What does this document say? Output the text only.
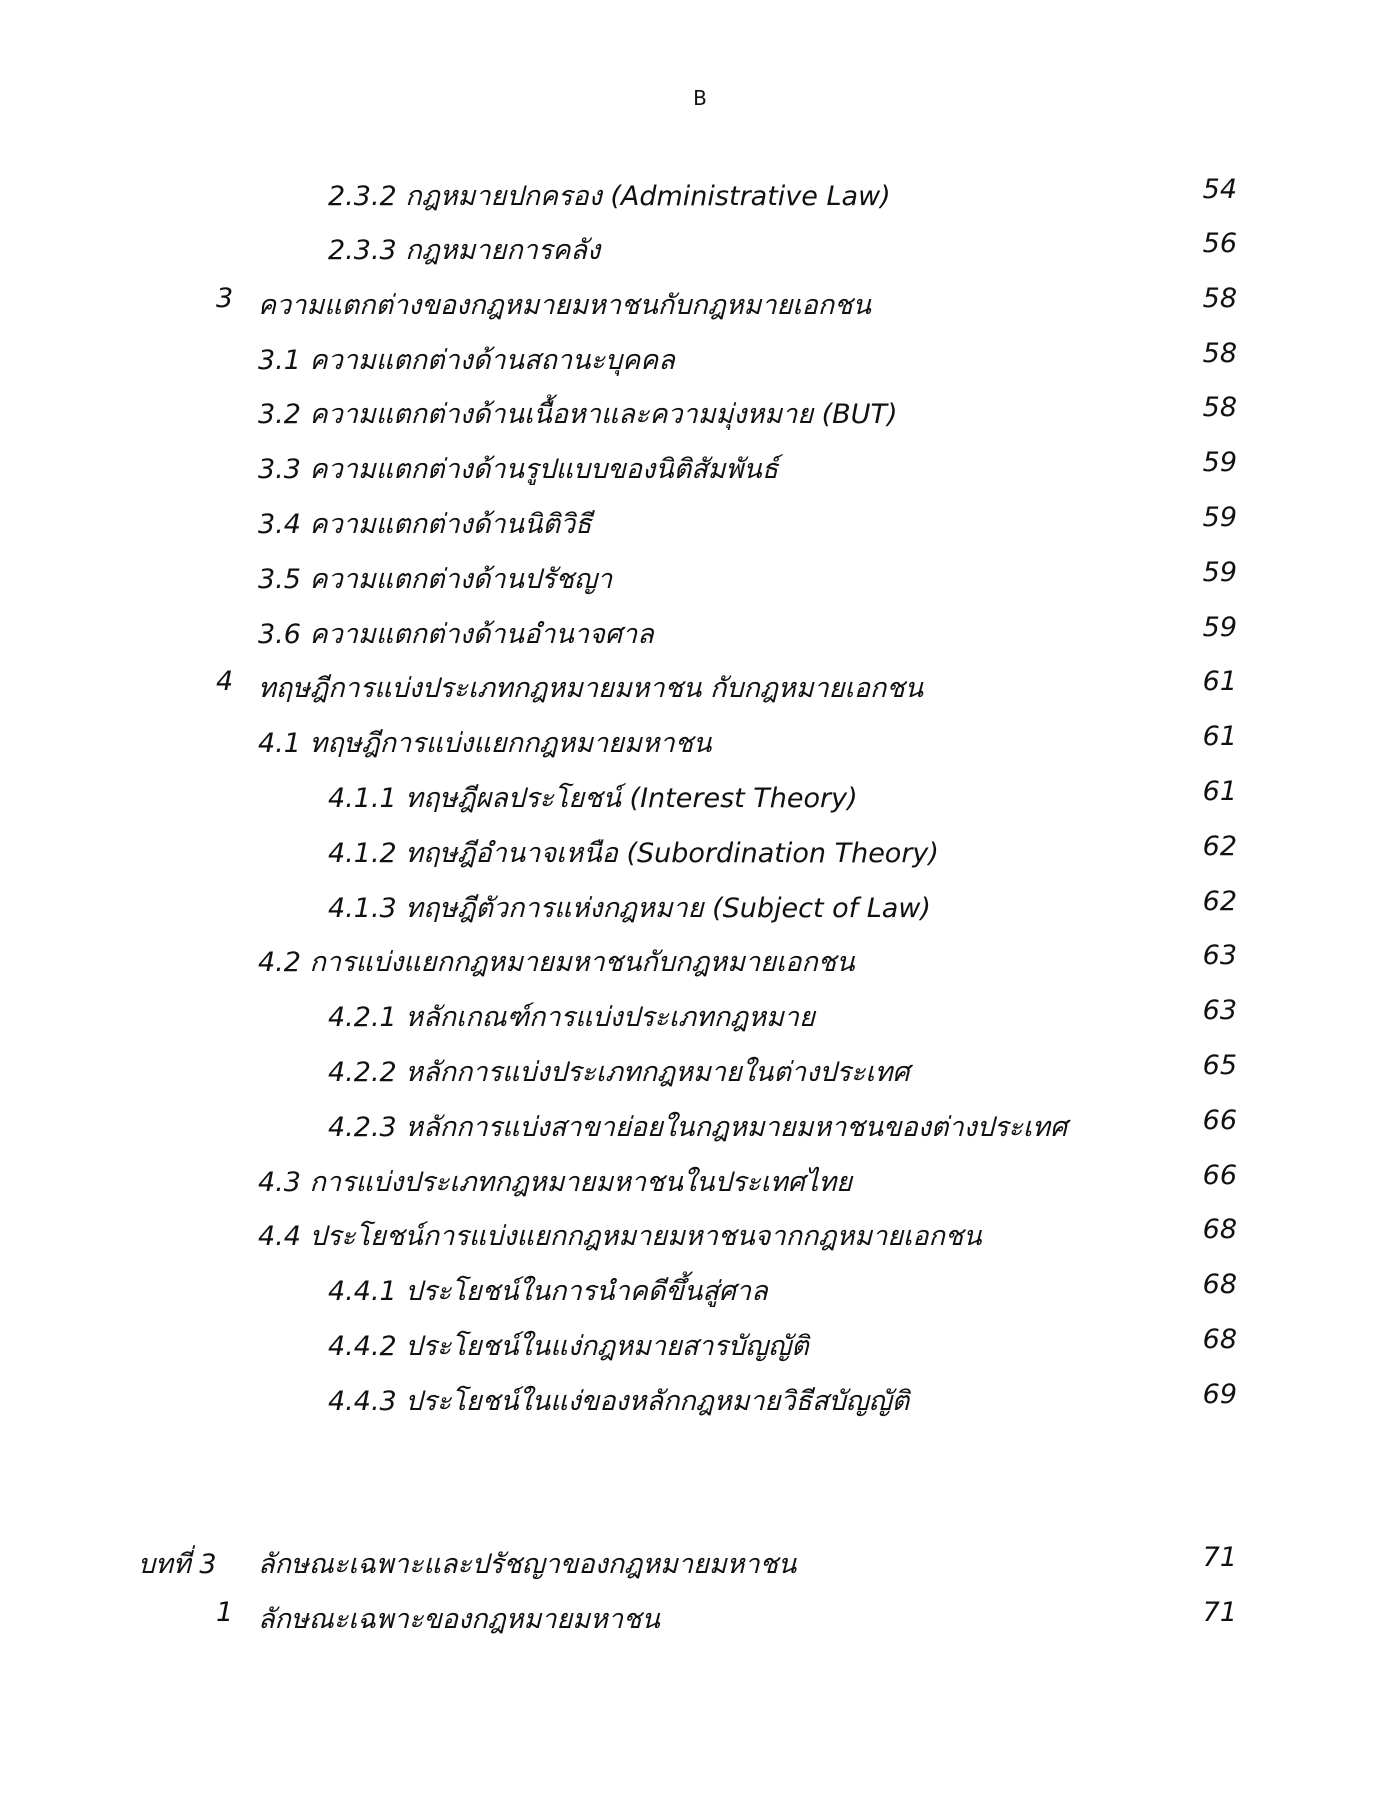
B
2.3.2 กฎหมายปกครอง (Administrative Law)	54
2.3.3 กฎหมายการคลัง	56
3 ความแตกต่างของกฎหมายมหาชนกับกฎหมายเอกชน	58
3.1 ความแตกต่างด้านสถานะบุคคล	58
3.2 ความแตกต่างด้านเนื้อหาและความมุ่งหมาย (BUT)	58
3.3 ความแตกต่างด้านรูปแบบของนิติสัมพันธ์	59
3.4 ความแตกต่างด้านนิติวิธี	59
3.5 ความแตกต่างด้านปรัชญา	59
3.6 ความแตกต่างด้านอำนาจศาล	59
4 ทฤษฎีการแบ่งประเภทกฎหมายมหาชน กับกฎหมายเอกชน	61
4.1 ทฤษฎีการแบ่งแยกกฎหมายมหาชน	61
4.1.1 ทฤษฎีผลประโยชน์ (Interest Theory)	61
4.1.2 ทฤษฎีอำนาจเหนือ (Subordination Theory)	62
4.1.3 ทฤษฎีตัวการแห่งกฎหมาย (Subject of Law)	62
4.2 การแบ่งแยกกฎหมายมหาชนกับกฎหมายเอกชน	63
4.2.1 หลักเกณฑ์การแบ่งประเภทกฎหมาย	63
4.2.2 หลักการแบ่งประเภทกฎหมายในต่างประเทศ	65
4.2.3 หลักการแบ่งสาขาย่อยในกฎหมายมหาชนของต่างประเทศ	66
4.3 การแบ่งประเภทกฎหมายมหาชนในประเทศไทย	66
4.4 ประโยชน์การแบ่งแยกกฎหมายมหาชนจากกฎหมายเอกชน	68
4.4.1 ประโยชน์ในการนำคดีขึ้นสู่ศาล	68
4.4.2 ประโยชน์ในแง่กฎหมายสารบัญญัติ	68
4.4.3 ประโยชน์ในแง่ของหลักกฎหมายวิธีสบัญญัติ	69
บทที่ 3 ลักษณะเฉพาะและปรัชญาของกฎหมายมหาชน	71
1 ลักษณะเฉพาะของกฎหมายมหาชน	71
